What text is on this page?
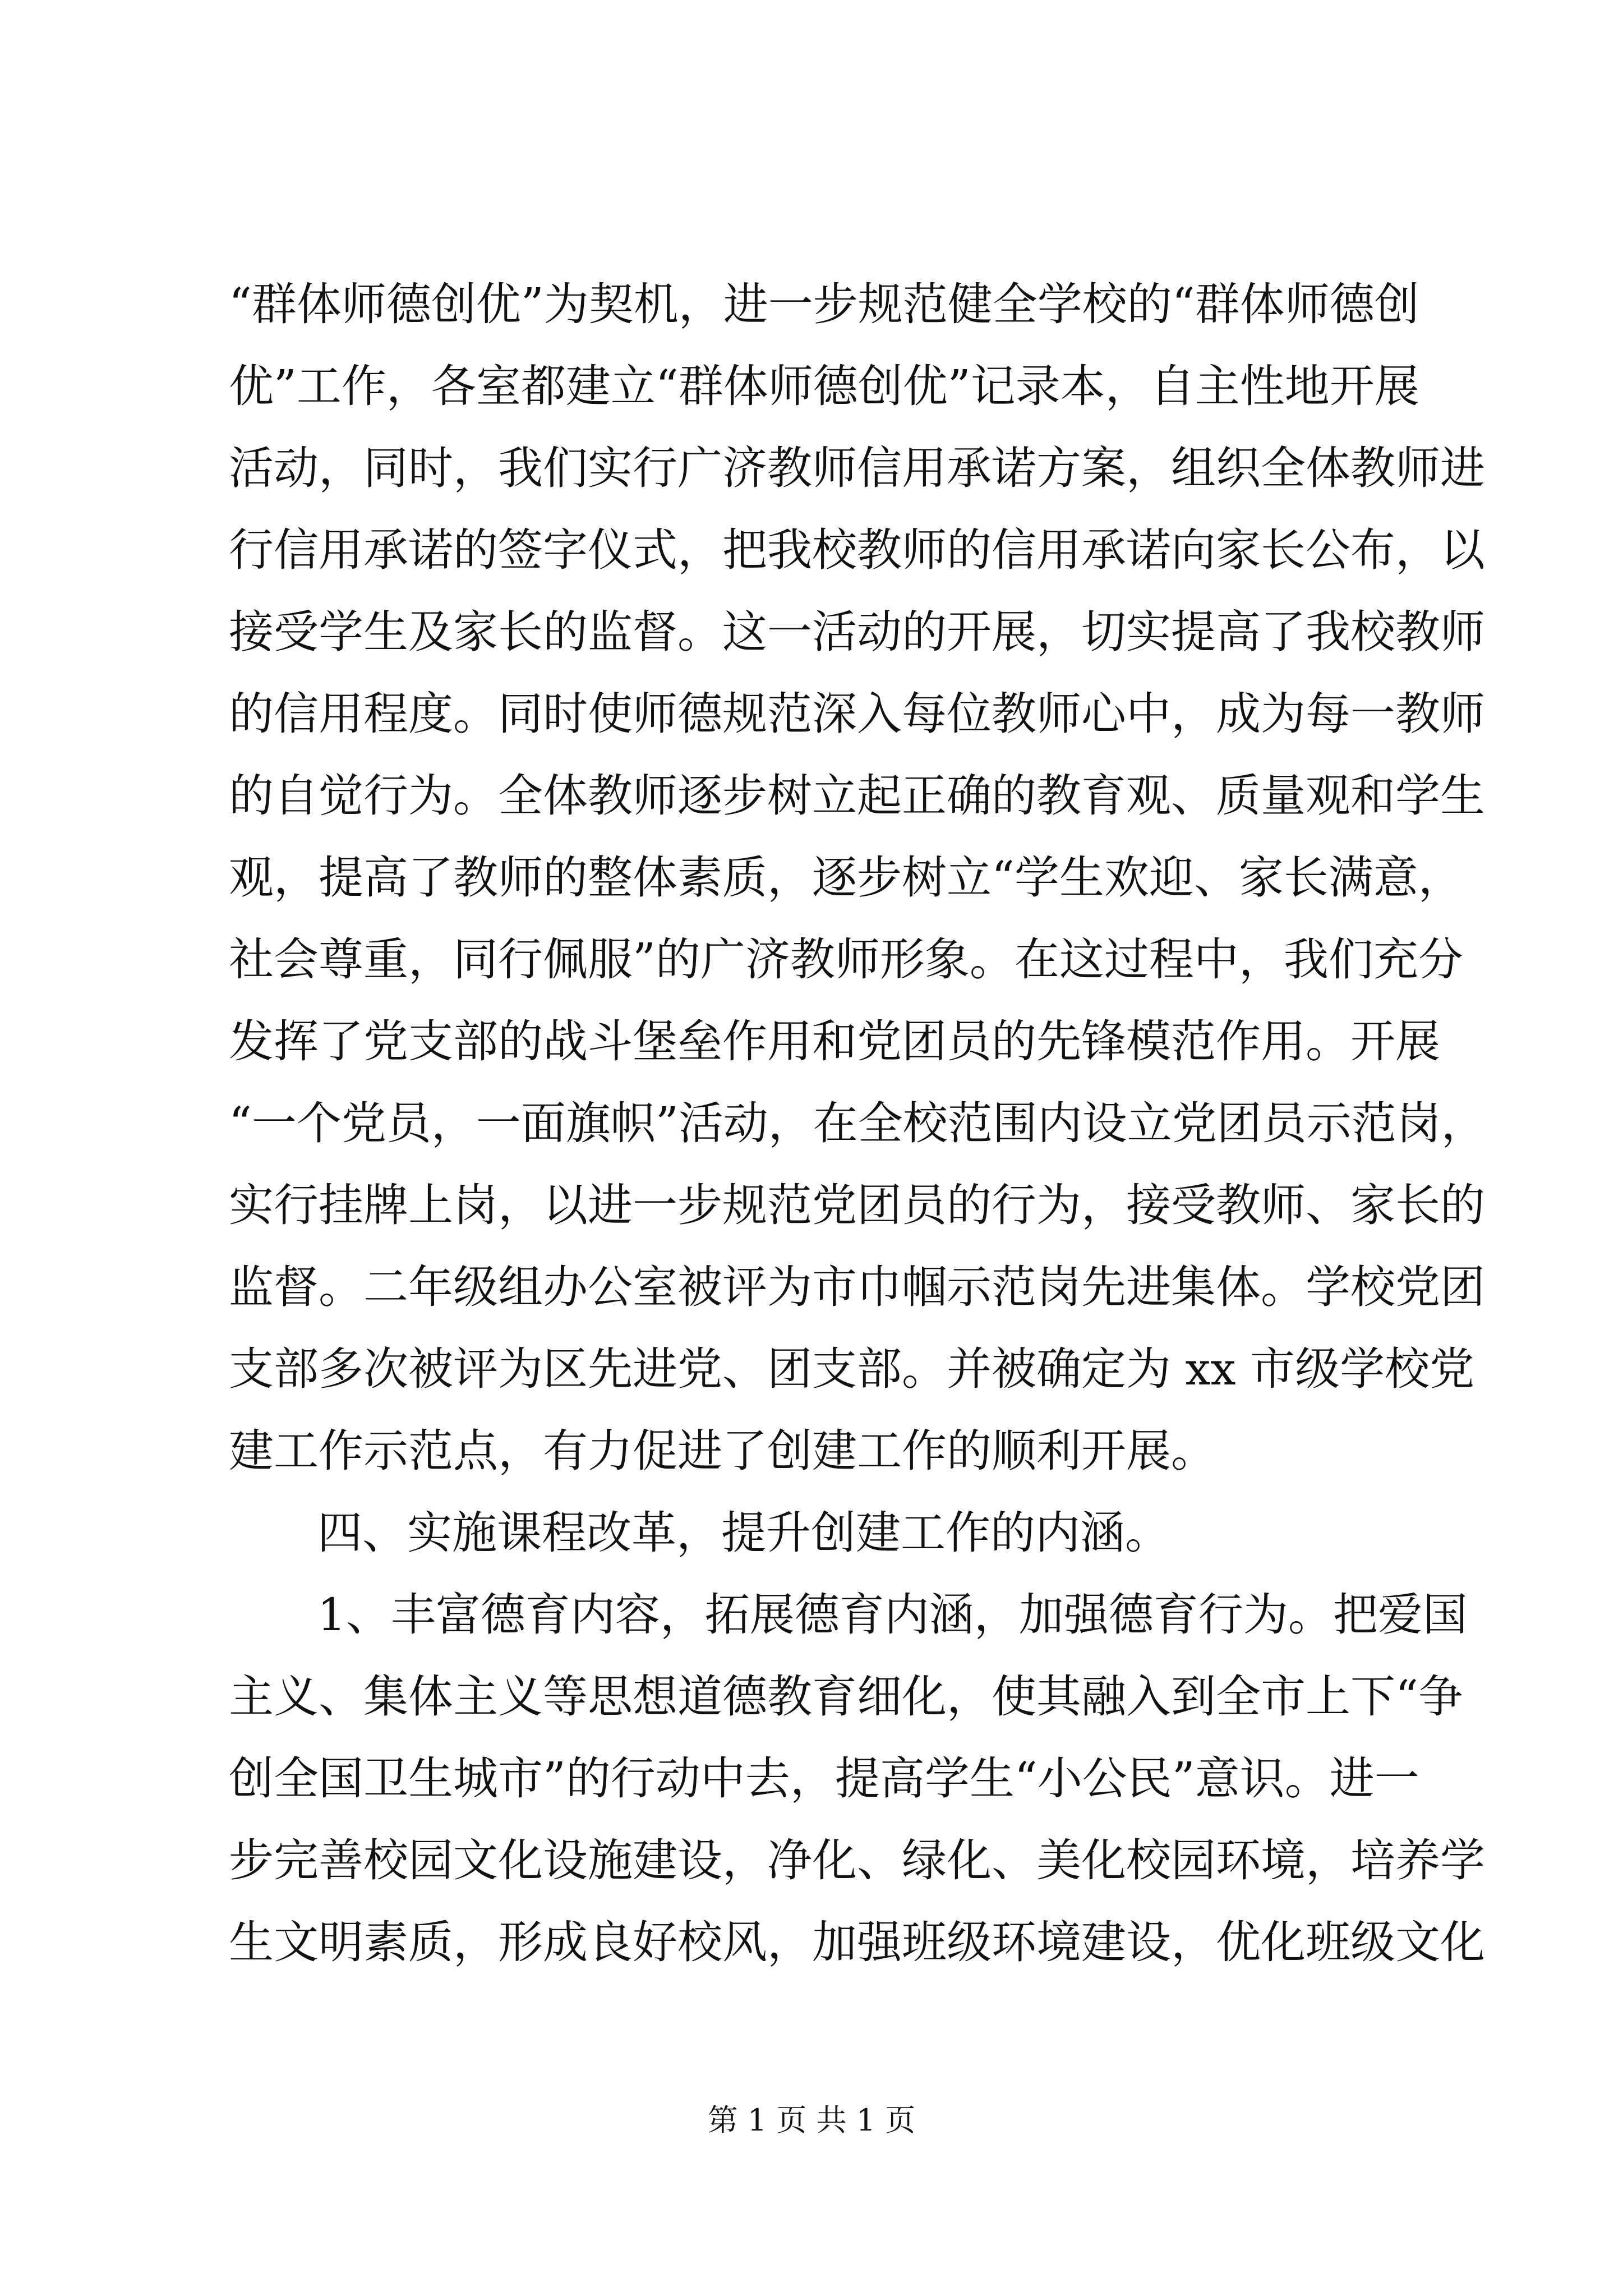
“群体师德创优”为契机，进一步规范健全学校的“群体师德创
优”工作，各室都建立“群体师德创优”记录本，自主性地开展
活动，同时，我们实行广济教师信用承诺方案，组织全体教师进
行信用承诺的签字仪式，把我校教师的信用承诺向家长公布，以
接受学生及家长的监督。这一活动的开展，切实提高了我校教师
的信用程度。同时使师德规范深入每位教师心中，成为每一教师
的自觉行为。全体教师逐步树立起正确的教育观、质量观和学生
观，提高了教师的整体素质，逐步树立“学生欢迎、家长满意，
社会尊重，同行佩服”的广济教师形象。在这过程中，我们充分
发挥了党支部的战斗堡垒作用和党团员的先锋模范作用。开展
“一个党员，一面旗帜”活动，在全校范围内设立党团员示范岗，
实行挂牌上岗，以进一步规范党团员的行为，接受教师、家长的
监督。二年级组办公室被评为市巾帼示范岗先进集体。学校党团
支部多次被评为区先进党、团支部。并被确定为 xx 市级学校党
建工作示范点，有力促进了创建工作的顺利开展。
四、实施课程改革，提升创建工作的内涵。
1、丰富德育内容，拓展德育内涵，加强德育行为。把爱国
主义、集体主义等思想道德教育细化，使其融入到全市上下“争
创全国卫生城市”的行动中去，提高学生“小公民”意识。进一
步完善校园文化设施建设，净化、绿化、美化校园环境，培养学
生文明素质，形成良好校风，加强班级环境建设，优化班级文化
第 1 页 共 1 页
